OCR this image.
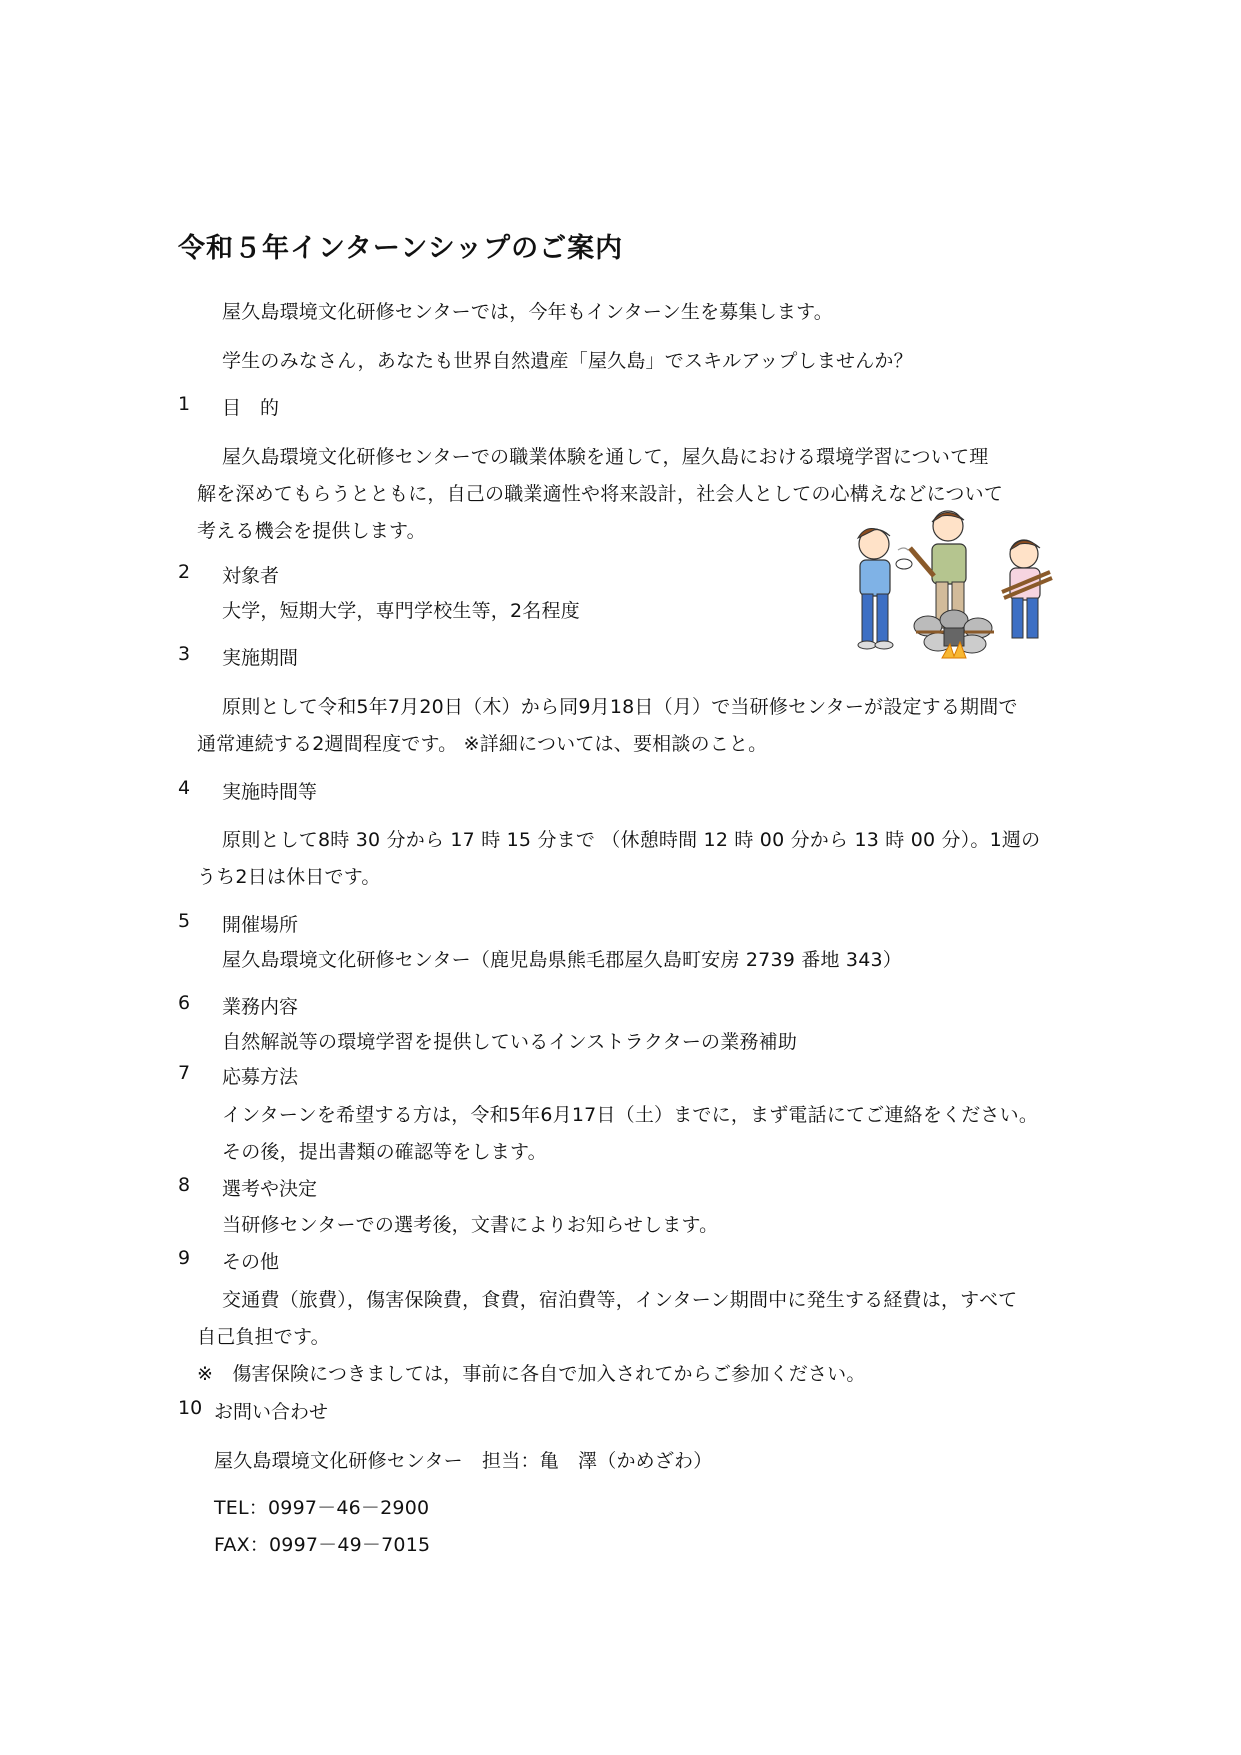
令和５年インターンシップのご案内
屋久島環境文化研修センターでは，今年もインターン生を募集します。
学生のみなさん，あなたも世界自然遺産「屋久島」でスキルアップしませんか？
1 目　的
屋久島環境文化研修センターでの職業体験を通して，屋久島における環境学習について理
解を深めてもらうとともに，自己の職業適性や将来設計，社会人としての心構えなどについて
考える機会を提供します。
2 対象者
大学，短期大学，専門学校生等，2名程度
3 実施期間
原則として令和5年7月20日（木）から同9月18日（月）で当研修センターが設定する期間で
通常連続する2週間程度です。 ※詳細については、要相談のこと。
4 実施時間等
原則として8時 30 分から 17 時 15 分まで （休憩時間 12 時 00 分から 13 時 00 分）。1週の
うち2日は休日です。
5 開催場所
屋久島環境文化研修センター（鹿児島県熊毛郡屋久島町安房 2739 番地 343）
6 業務内容
自然解説等の環境学習を提供しているインストラクターの業務補助
7 応募方法
インターンを希望する方は，令和5年6月17日（土）までに，まず電話にてご連絡をください。
その後，提出書類の確認等をします。
8 選考や決定
当研修センターでの選考後，文書によりお知らせします。
9 その他
交通費（旅費），傷害保険費，食費，宿泊費等，インターン期間中に発生する経費は，すべて
自己負担です。
※　傷害保険につきましては，事前に各自で加入されてからご参加ください。
10 お問い合わせ
屋久島環境文化研修センター　担当：亀　澤（かめざわ）
TEL：0997－46－2900
FAX：0997－49－7015
